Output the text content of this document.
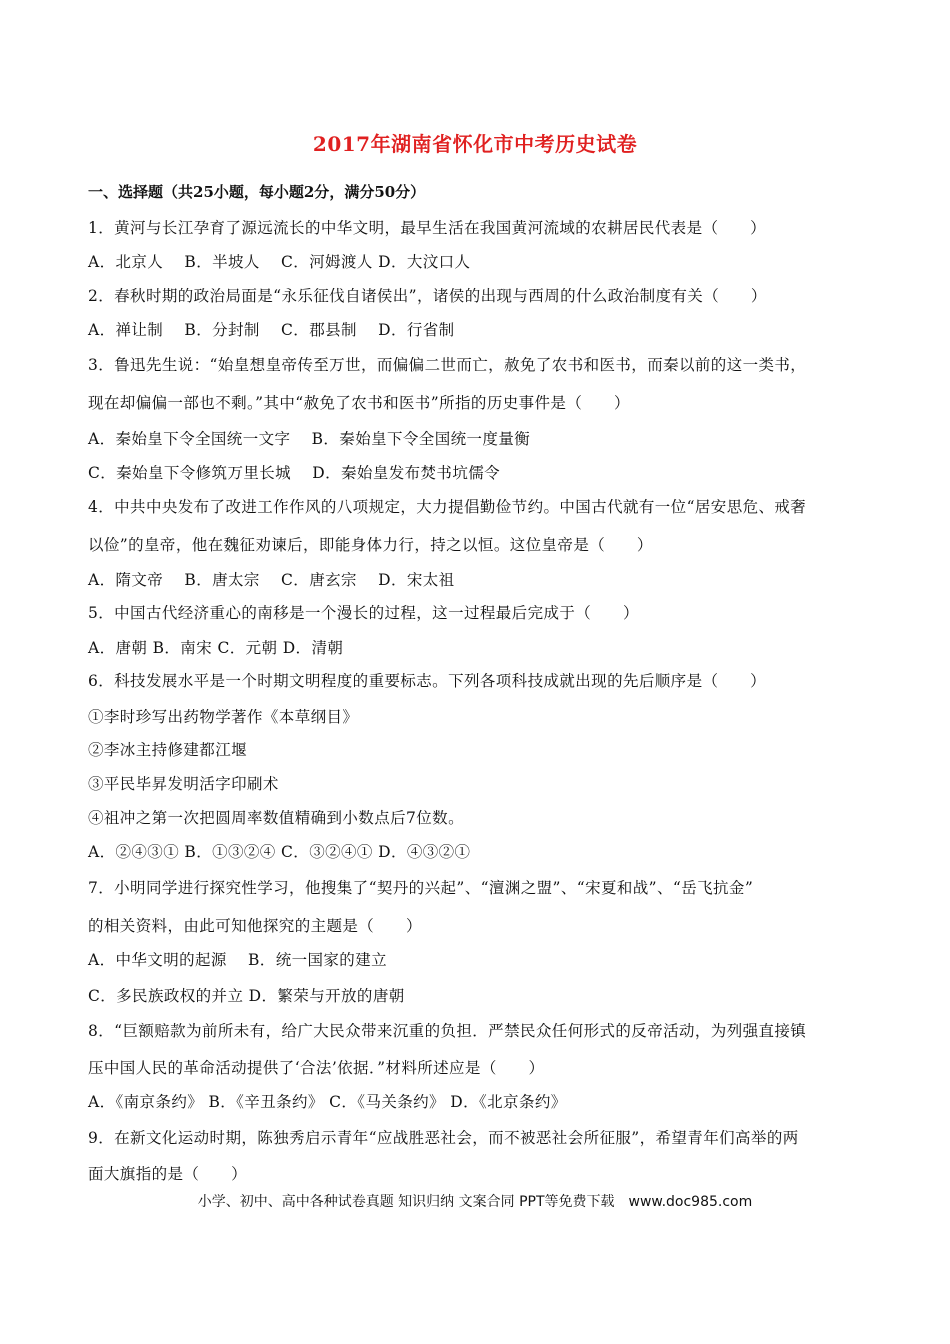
2017年湖南省怀化市中考历史试卷
一、选择题（共25小题，每小题2分，满分50分）
1．黄河与长江孕育了源远流长的中华文明，最早生活在我国黄河流域的农耕居民代表是（　　）
A．北京人　 B．半坡人　 C．河姆渡人 D．大汶口人
2．春秋时期的政治局面是“永乐征伐自诸侯出”，诸侯的出现与西周的什么政治制度有关（　　）
A．禅让制　 B．分封制　 C．郡县制　 D．行省制
3．鲁迅先生说：“始皇想皇帝传至万世，而偏偏二世而亡，赦免了农书和医书，而秦以前的这一类书，
现在却偏偏一部也不剩。”其中“赦免了农书和医书”所指的历史事件是（　　）
A．秦始皇下令全国统一文字　 B．秦始皇下令全国统一度量衡
C．秦始皇下令修筑万里长城　 D．秦始皇发布焚书坑儒令
4．中共中央发布了改进工作作风的八项规定，大力提倡勤俭节约。中国古代就有一位“居安思危、戒奢
以俭”的皇帝，他在魏征劝谏后，即能身体力行，持之以恒。这位皇帝是（　　）
A．隋文帝　 B．唐太宗　 C．唐玄宗　 D．宋太祖
5．中国古代经济重心的南移是一个漫长的过程，这一过程最后完成于（　　）
A．唐朝 B．南宋 C．元朝 D．清朝
6．科技发展水平是一个时期文明程度的重要标志。下列各项科技成就出现的先后顺序是（　　）
①李时珍写出药物学著作《本草纲目》
②李冰主持修建都江堰
③平民毕昇发明活字印刷术
④祖冲之第一次把圆周率数值精确到小数点后7位数。
A．②④③① B．①③②④ C．③②④① D．④③②①
7．小明同学进行探究性学习，他搜集了“契丹的兴起”、“澶渊之盟”、“宋夏和战”、“岳飞抗金”
的相关资料，由此可知他探究的主题是（　　）
A．中华文明的起源　 B．统一国家的建立
C．多民族政权的并立 D．繁荣与开放的唐朝
8．“巨额赔款为前所未有，给广大民众带来沉重的负担．严禁民众任何形式的反帝活动，为列强直接镇
压中国人民的革命活动提供了‘合法’依据．”材料所述应是（　　）
A．《南京条约》 B．《辛丑条约》 C．《马关条约》 D．《北京条约》
9．在新文化运动时期，陈独秀启示青年“应战胜恶社会，而不被恶社会所征服”，希望青年们高举的两
面大旗指的是（　　）
小学、初中、高中各种试卷真题 知识归纳 文案合同 PPT等免费下载　www.doc985.com
